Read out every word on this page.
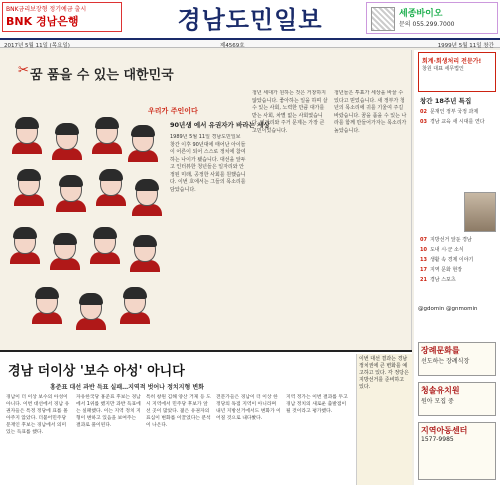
BNK금리보장형 정기예금 출시
BNK 경남은행	경남도민일보	세종바이오
문의 055.299.7000
2017년 5월 11일 (목요일)	제4569호	1999년 5월 11일 창간
✂ 꿈 품을 수 있는 대한민국
우리가 주인이다
90년생 에서 유권자가 바라는 세상
1989년 5월 11일 경남도민일보 창간 이후 90년대에 태어난 아이들이 어른이 되어 스스로 정치에 참여하는 나이가 됐습니다. 대선을 앞두고 인터뷰한 청년들은 일자리와 안정된 미래, 공정한 사회를 원했습니다. 이번 호에서는 그들의 목소리를 담았습니다.
청년 세대가 원하는 것은 거창하지 않았습니다. 좋아하는 일을 하며 살 수 있는 사회, 노력한 만큼 대가를 받는 사회, 차별 없는 사회였습니다. 일자리와 주거 문제는 가장 큰 고민이었습니다.
청년들은 투표가 세상을 바꿀 수 있다고 믿었습니다. 새 정부가 청년의 목소리에 귀를 기울여 주길 바랐습니다. 꿈을 품을 수 있는 나라를 함께 만들어가자는 목소리가 높았습니다.
회계·회생처리 전문가!
창원 대표 세무법인
창간 18주년 특집
02 문재인 정부 국정 과제
03 경남 교육 새 시대를 연다
07 지방선거 앞둔 경남
10 도내 시·군 소식
13 생활 속 경제 이야기
17 지역 문화 현장
21 경남 스포츠
@gdomin @gnmomin
장례문화를
선도하는 장례식장
청솔유치원
원아 모집 중
지역아동센터
1577-9985
경남 더이상 '보수 아성' 아니다
홍준표 대선 과반 득표 실패…지역적 벗어나 정치지형 변화
경남이 더 이상 보수의 아성이 아니다. 이번 대선에서 경남 유권자들은 특정 정당에 표를 몰아주지 않았다. 더불어민주당 문재인 후보는 경남에서 의미 있는 득표를 했다.
자유한국당 홍준표 후보는 경남에서 1위를 했지만 과반 득표에는 실패했다. 이는 지역 정치 지형이 변하고 있음을 보여주는 결과로 풀이된다.
특히 창원 김해 양산 거제 등 도시 지역에서 민주당 후보가 앞선 곳이 많았다. 젊은 유권자의 표심이 변화를 이끌었다는 분석이 나온다.
전문가들은 경남이 더 이상 한 정당의 독점 지역이 아니라며 내년 지방선거에서도 변화가 이어질 것으로 내다봤다.
지역 정가는 이번 결과를 두고 경남 정치의 새로운 출발점이 될 것이라고 평가했다.
이번 대선 결과는 경남 정치권에 큰 변화를 예고하고 있다. 각 정당은 지방선거를 준비하고 있다.
